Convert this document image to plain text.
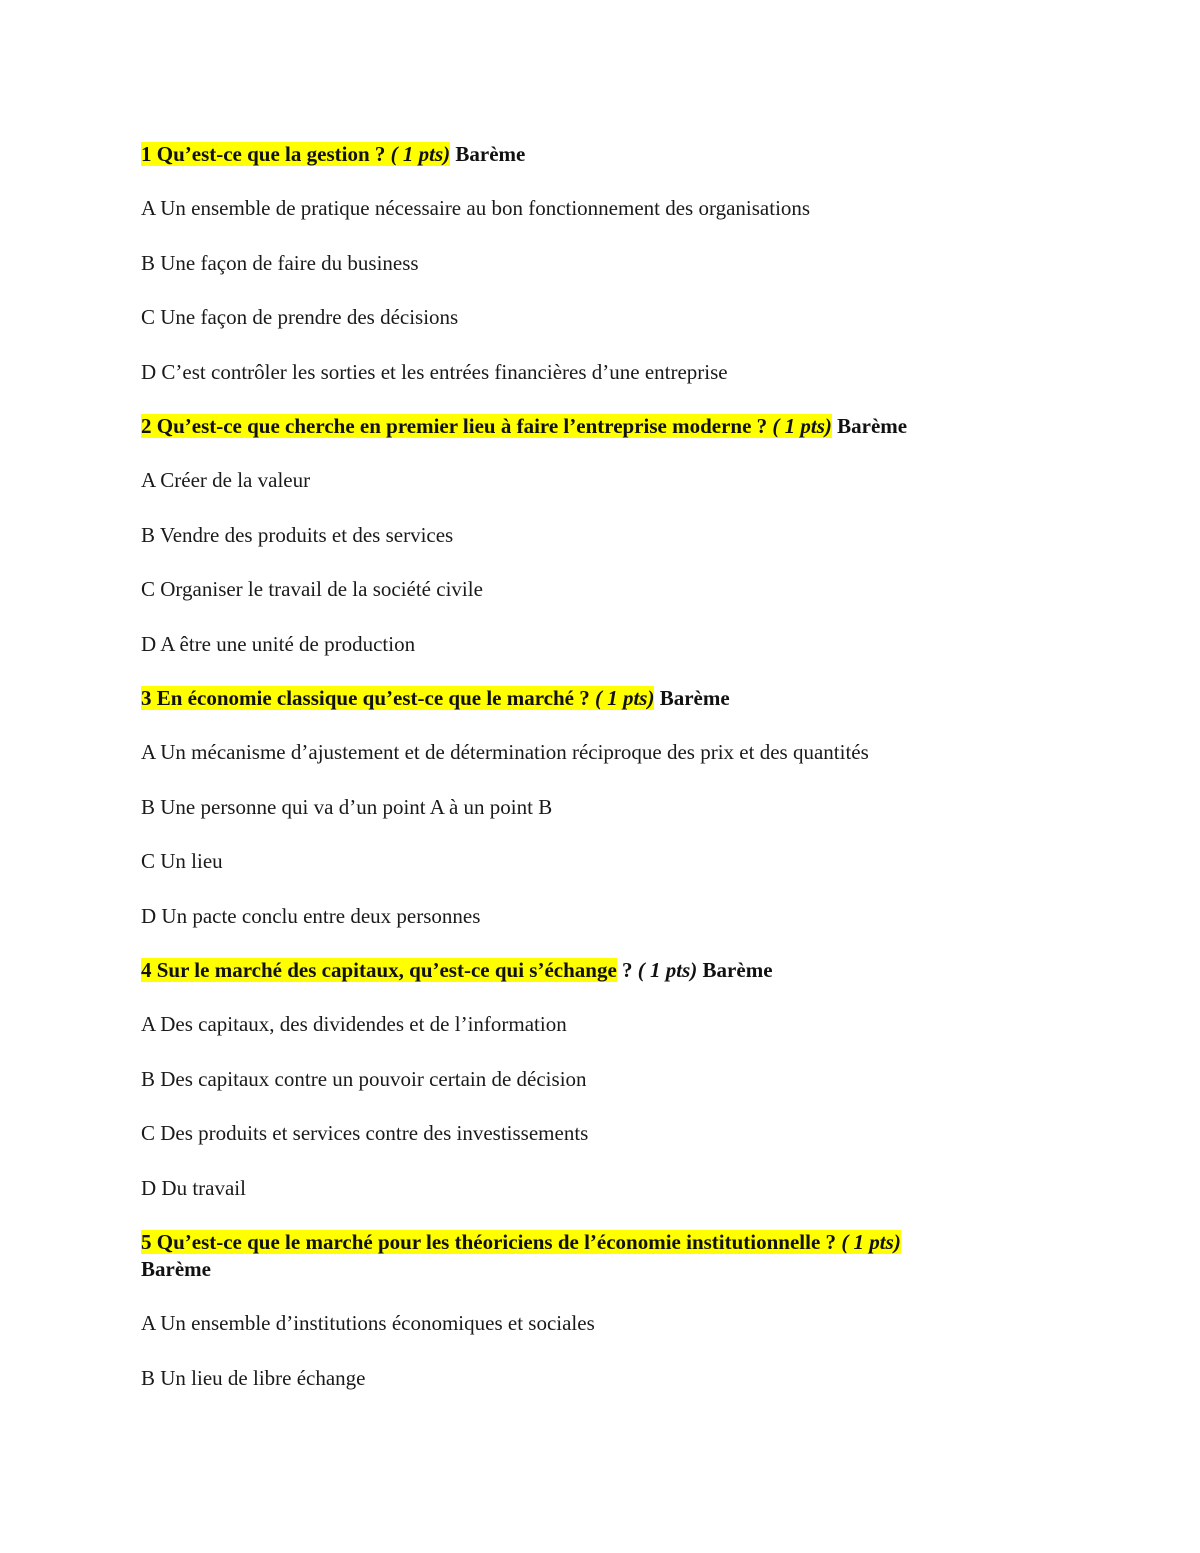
1 Qu’est-ce que la gestion ? ( 1 pts) Barème

A Un ensemble de pratique nécessaire au bon fonctionnement des organisations

B Une façon de faire du business

C Une façon de prendre des décisions

D C’est contrôler les sorties et les entrées financières d’une entreprise

2 Qu’est-ce que cherche en premier lieu à faire l’entreprise moderne ? ( 1 pts) Barème

A Créer de la valeur

B Vendre des produits et des services

C Organiser le travail de la société civile

D A être une unité de production

3 En économie classique qu’est-ce que le marché ? ( 1 pts) Barème

A Un mécanisme d’ajustement et de détermination réciproque des prix et des quantités

B Une personne qui va d’un point A à un point B

C Un lieu

D Un pacte conclu entre deux personnes

4 Sur le marché des capitaux, qu’est-ce qui s’échange ? ( 1 pts) Barème

A Des capitaux, des dividendes et de l’information

B Des capitaux contre un pouvoir certain de décision

C Des produits et services contre des investissements

D Du travail

5 Qu’est-ce que le marché pour les théoriciens de l’économie institutionnelle ? ( 1 pts) Barème

A Un ensemble d’institutions économiques et sociales

B Un lieu de libre échange
